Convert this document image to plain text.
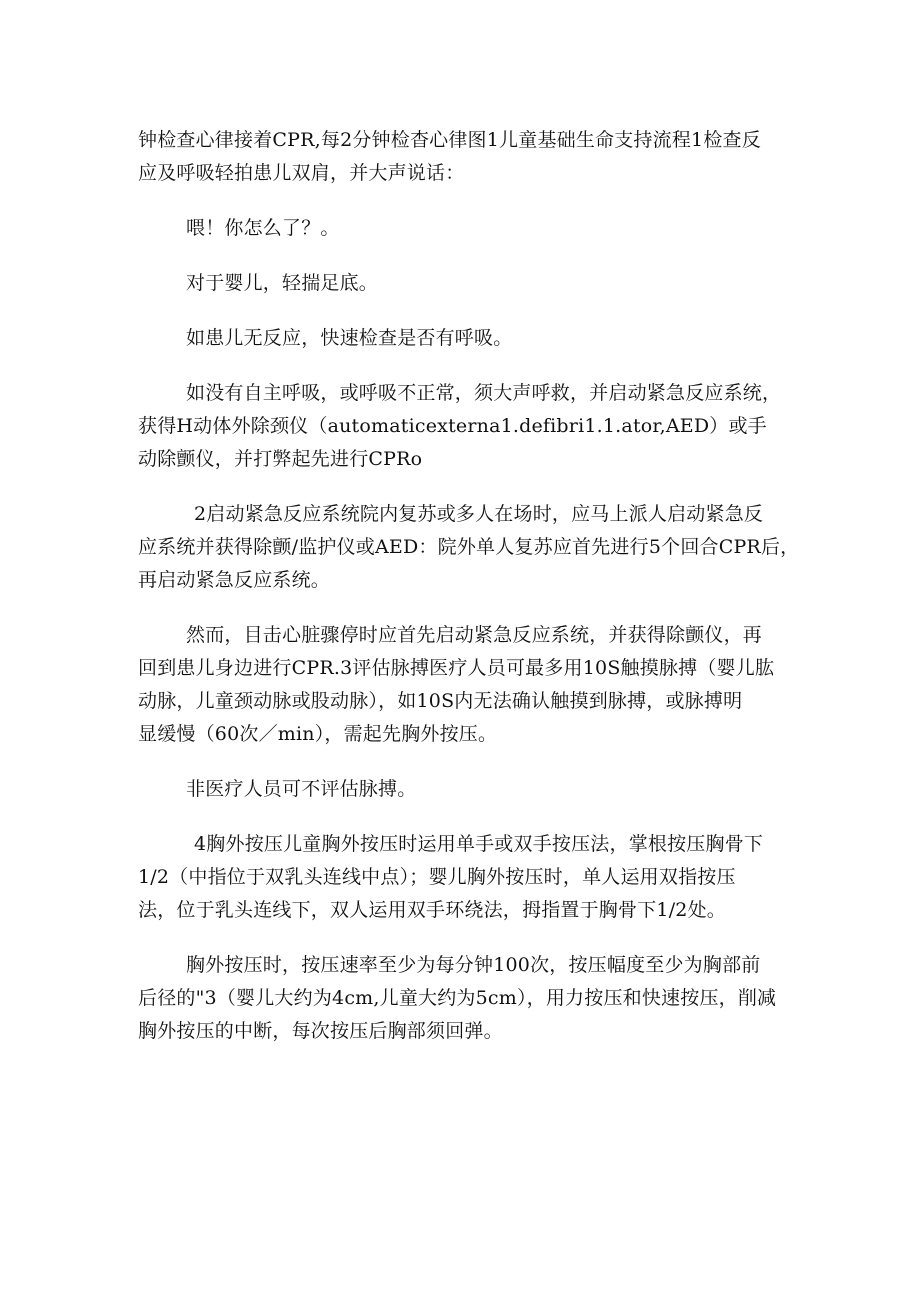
钟检查心律接着CPR,每2分钟检杳心律图1儿童基础生命支持流程1检查反
应及呼吸轻拍患儿双肩，并大声说话：

喂！你怎么了？。

对于婴儿，轻揣足底。

如患儿无反应，快速检查是否有呼吸。

如没有自主呼吸，或呼吸不正常，须大声呼救，并启动紧急反应系统，
获得H动体外除颈仪（automaticexterna1.defibri1.1.ator,AED）或手
动除颤仪，并打弊起先进行CPRo

2启动紧急反应系统院内复苏或多人在场时，应马上派人启动紧急反
应系统并获得除颤/监护仪或AED：院外单人复苏应首先进行5个回合CPR后，
再启动紧急反应系统。

然而，目击心脏骤停时应首先启动紧急反应系统，并获得除颤仪，再
回到患儿身边进行CPR.3评估脉搏医疗人员可最多用10S触摸脉搏（婴儿肱
动脉，儿童颈动脉或股动脉），如10S内无法确认触摸到脉搏，或脉搏明
显缓慢（60次／min），需起先胸外按压。

非医疗人员可不评估脉搏。

4胸外按压儿童胸外按压时运用单手或双手按压法，掌根按压胸骨下
1/2（中指位于双乳头连线中点）；婴儿胸外按压时，单人运用双指按压
法，位于乳头连线下，双人运用双手环绕法，拇指置于胸骨下1/2处。

胸外按压时，按压速率至少为每分钟100次，按压幅度至少为胸部前
后径的"3（婴儿大约为4cm,儿童大约为5cm），用力按压和快速按压，削减
胸外按压的中断，每次按压后胸部须回弹。
